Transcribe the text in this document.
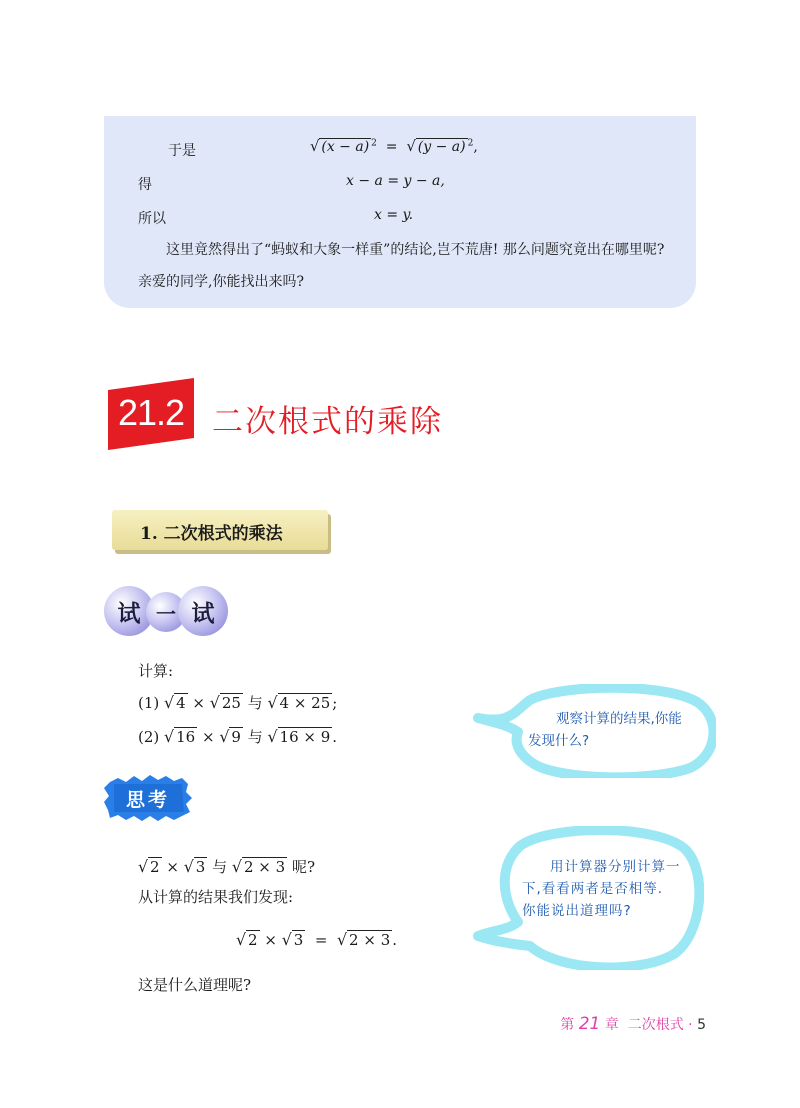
于是	√ (x − a) $^2$ = √ (y − a) $^2$,
得	x − a = y − a,
所以	x = y.
这里竟然得出了“蚂蚁和大象一样重”的结论,岂不荒唐! 那么问题究竟出在哪里呢? 亲爱的同学,你能找出来吗?
21.2 二次根式的乘除
1. 二次根式的乘法
试 一 试
计算:
(1) √ 4 × √ 25 与 √ 4 × 25 ;
(2) √ 16 × √ 9 与 √ 16 × 9 .
观察计算的结果,你能发现什么?
思考
√ 2 × √ 3 与 √ 2 × 3 呢?
从计算的结果我们发现:
√ 2 × √ 3 = √ 2 × 3 .
这是什么道理呢?
用计算器分别计算一下,看看两者是否相等. 你能说出道理吗?
第 21 章 二次根式 · 5
